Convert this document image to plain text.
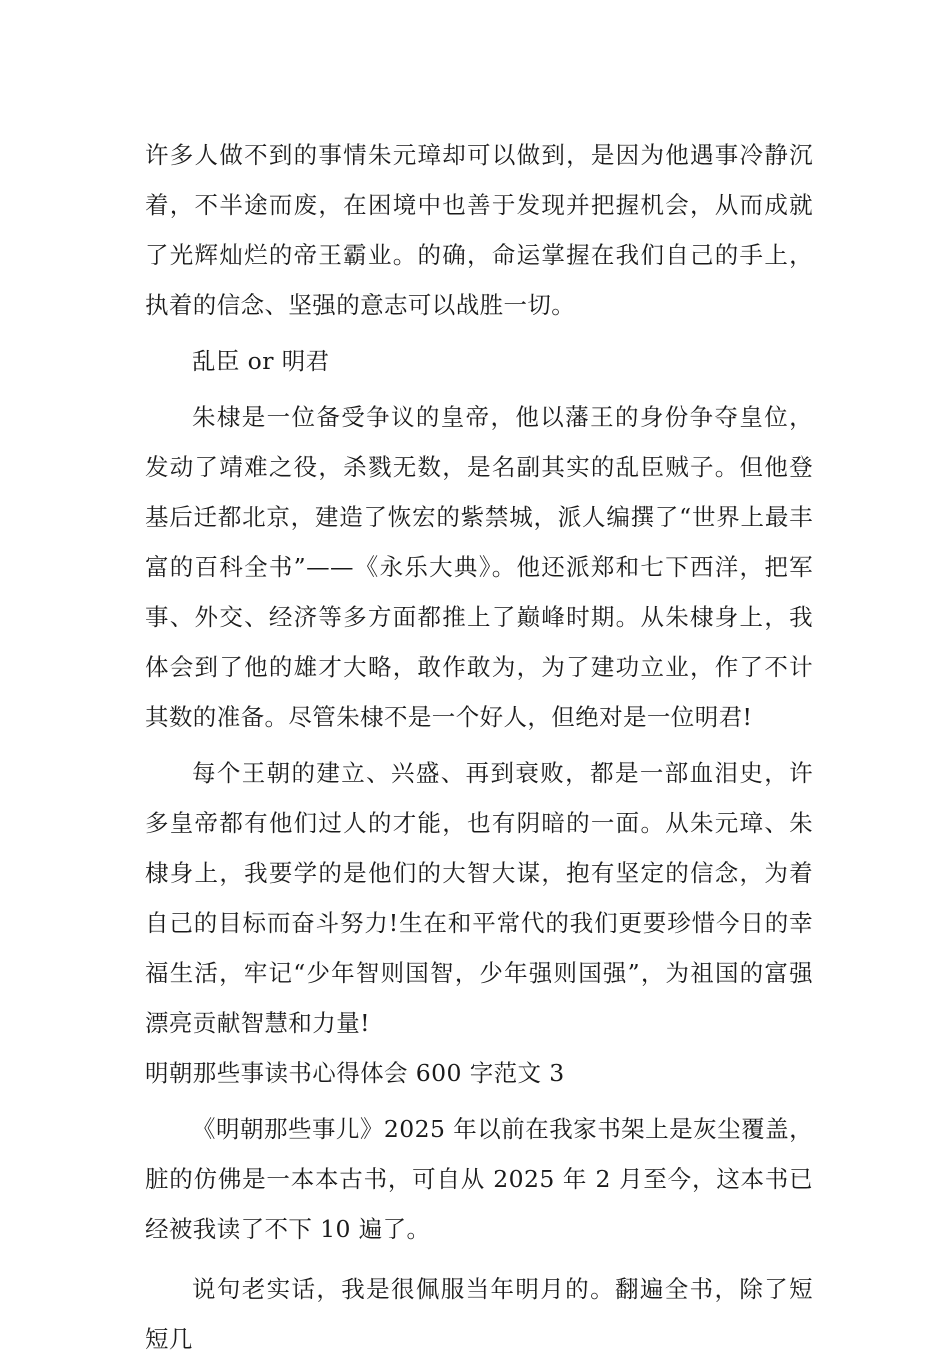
许多人做不到的事情朱元璋却可以做到，是因为他遇事冷静沉着，不半途而废，在困境中也善于发现并把握机会，从而成就了光辉灿烂的帝王霸业。的确，命运掌握在我们自己的手上，执着的信念、坚强的意志可以战胜一切。

乱臣 or 明君

朱棣是一位备受争议的皇帝，他以藩王的身份争夺皇位，发动了靖难之役，杀戮无数，是名副其实的乱臣贼子。但他登基后迁都北京，建造了恢宏的紫禁城，派人编撰了“世界上最丰富的百科全书”——《永乐大典》。他还派郑和七下西洋，把军事、外交、经济等多方面都推上了巅峰时期。从朱棣身上，我体会到了他的雄才大略，敢作敢为，为了建功立业，作了不计其数的准备。尽管朱棣不是一个好人，但绝对是一位明君!

每个王朝的建立、兴盛、再到衰败，都是一部血泪史，许多皇帝都有他们过人的才能，也有阴暗的一面。从朱元璋、朱棣身上，我要学的是他们的大智大谋，抱有坚定的信念，为着自己的目标而奋斗努力!生在和平常代的我们更要珍惜今日的幸福生活，牢记“少年智则国智，少年强则国强”，为祖国的富强漂亮贡献智慧和力量!

明朝那些事读书心得体会 600 字范文 3

《明朝那些事儿》2025 年以前在我家书架上是灰尘覆盖，脏的仿佛是一本本古书，可自从 2025 年 2 月至今，这本书已经被我读了不下 10 遍了。

说句老实话，我是很佩服当年明月的。翻遍全书，除了短短几
